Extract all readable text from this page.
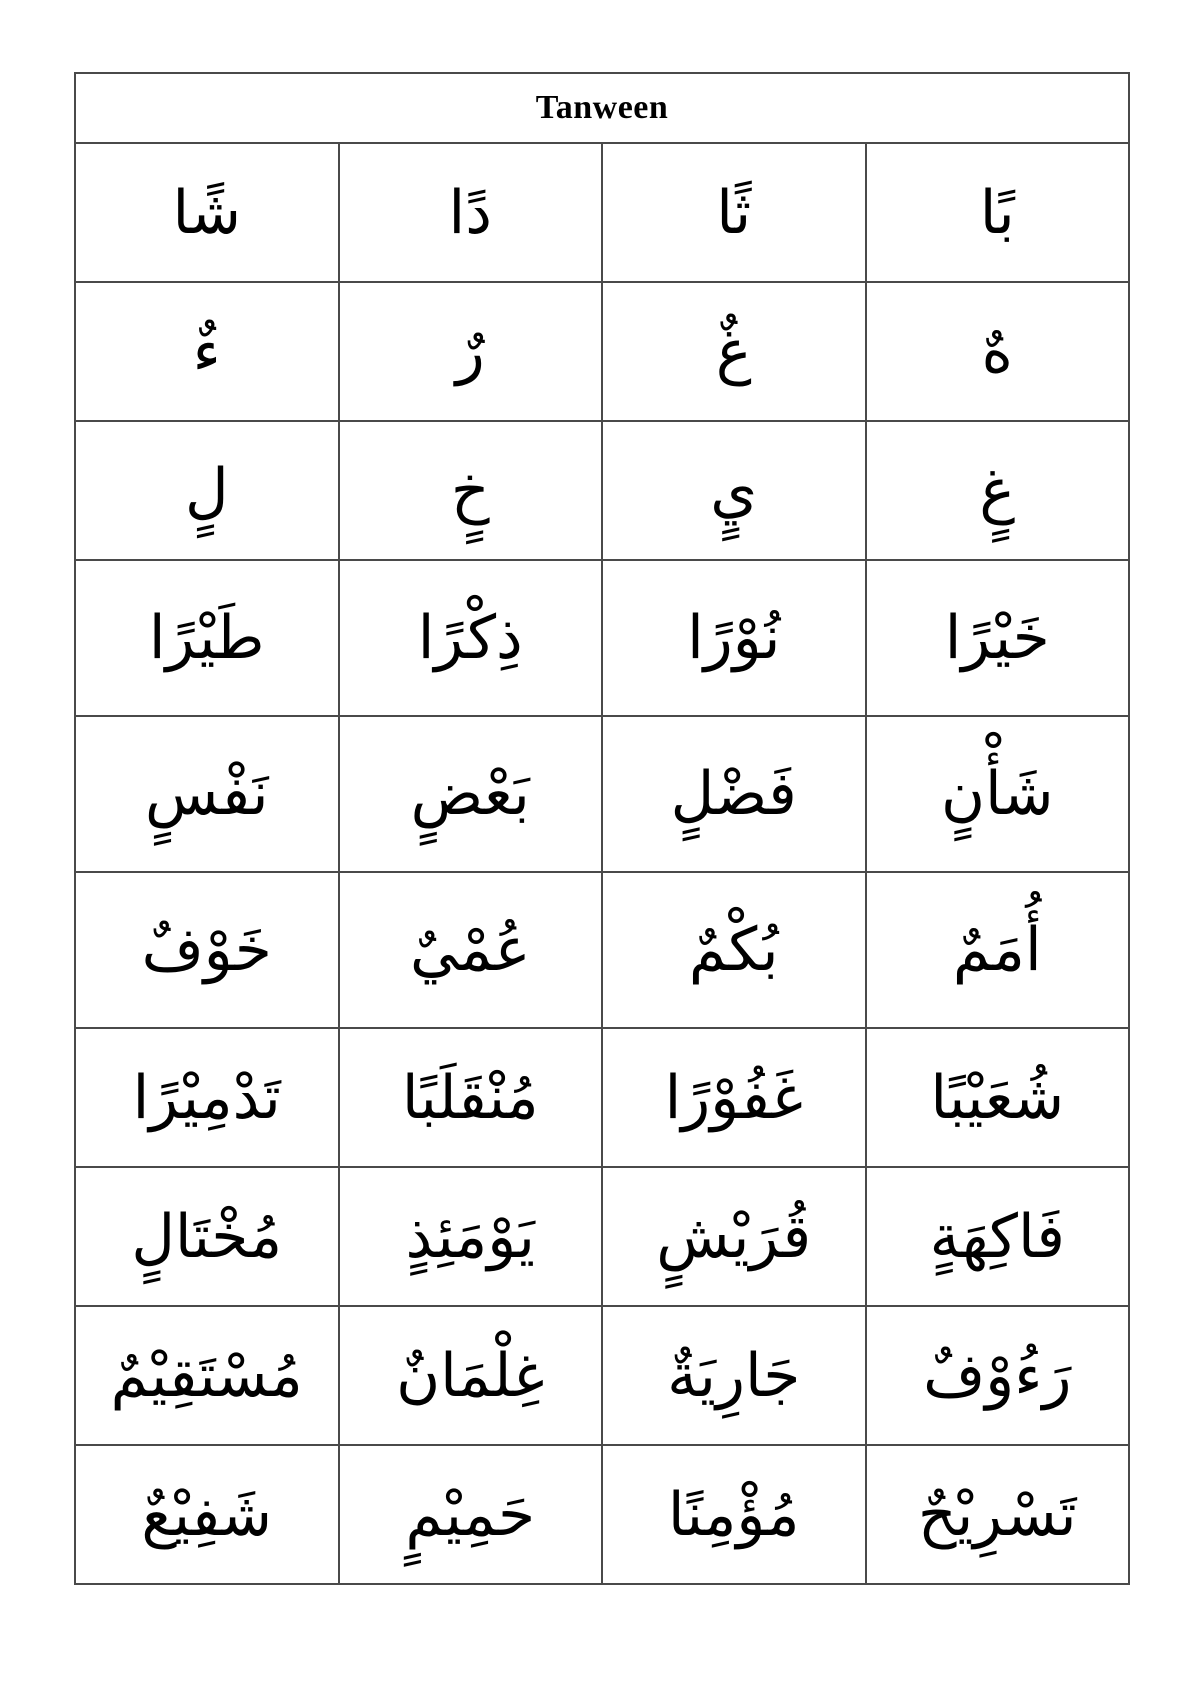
Tanween			
بًا	ثًا	دًا	شًا
هٌ	غٌ	رٌ	ءٌ
غٍ	يٍ	خٍ	لٍ
خَيْرًا	نُوْرًا	ذِكْرًا	طَيْرًا
شَأْنٍ	فَضْلٍ	بَعْضٍ	نَفْسٍ
أُمَمٌ	بُكْمٌ	عُمْيٌ	خَوْفٌ
شُعَيْبًا	غَفُوْرًا	مُنْقَلَبًا	تَدْمِيْرًا
فَاكِهَةٍ	قُرَيْشٍ	يَوْمَئِذٍ	مُخْتَالٍ
رَءُوْفٌ	جَارِيَةٌ	غِلْمَانٌ	مُسْتَقِيْمٌ
تَسْرِيْحٌ	مُؤْمِنًا	حَمِيْمٍ	شَفِيْعٌ
